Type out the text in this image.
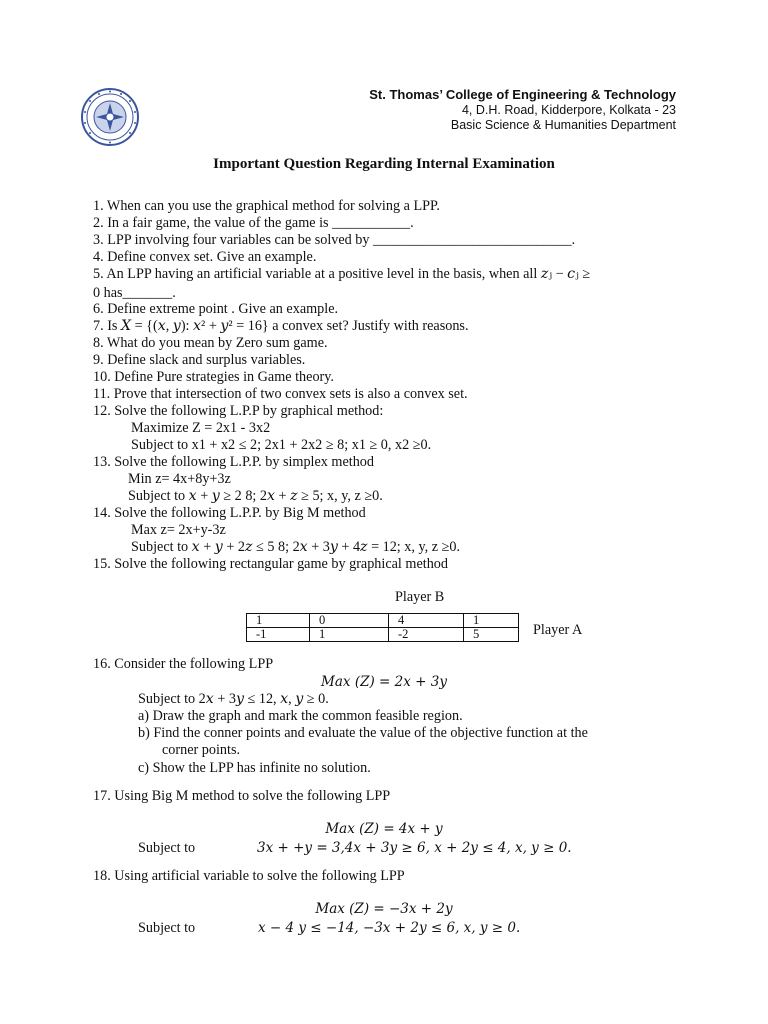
St. Thomas’ College of Engineering & Technology
4, D.H. Road, Kidderpore, Kolkata - 23
Basic Science & Humanities Department
Important Question Regarding Internal Examination
1. When can you use the graphical method for solving a LPP.
2. In a fair game, the value of the game is ___________.
3. LPP involving four variables can be solved by ____________________________.
4. Define convex set. Give an example.
5. An LPP having an artificial variable at a positive level in the basis, when all 𝑧ⱼ − 𝑐ⱼ ≥
0 has_______.
6. Define extreme point . Give an example.
7. Is 𝑋 = {(𝑥, 𝑦): 𝑥² + 𝑦² = 16} a convex set? Justify with reasons.
8. What do you mean by Zero sum game.
9. Define slack and surplus variables.
10. Define Pure strategies in Game theory.
11. Prove that intersection of two convex sets is also a convex set.
12. Solve the following L.P.P by graphical method:
Maximize Z = 2x1 - 3x2
Subject to x1 + x2 ≤ 2; 2x1 + 2x2 ≥ 8; x1 ≥ 0, x2 ≥0.
13. Solve the following L.P.P. by simplex method
Min z= 4x+8y+3z
Subject to 𝑥 + 𝑦 ≥ 2 8; 2𝑥 + 𝑧 ≥ 5; x, y, z ≥0.
14. Solve the following L.P.P. by Big M method
Max z= 2x+y-3z
Subject to 𝑥 + 𝑦 + 2𝑧 ≤ 5 8; 2𝑥 + 3𝑦 + 4𝑧 = 12; x, y, z ≥0.
15. Solve the following rectangular game by graphical method
Player B
1	0	4	1
-1	1	-2	5	Player A
16. Consider the following LPP
𝑀𝑎𝑥 (𝑍) = 2𝑥 + 3𝑦
Subject to 2𝑥 + 3𝑦 ≤ 12, 𝑥, 𝑦 ≥ 0.
a) Draw the graph and mark the common feasible region.
b) Find the conner points and evaluate the value of the objective function at the
corner points.
c) Show the LPP has infinite no solution.
17. Using Big M method to solve the following LPP
𝑀𝑎𝑥 (𝑍) = 4𝑥 + 𝑦
Subject to	3𝑥 + +𝑦 = 3,4𝑥 + 3𝑦 ≥ 6, 𝑥 + 2𝑦 ≤ 4, 𝑥, 𝑦 ≥ 0.
18. Using artificial variable to solve the following LPP
𝑀𝑎𝑥 (𝑍) = −3𝑥 + 2𝑦
Subject to	𝑥 − 4 𝑦 ≤ −14, −3𝑥 + 2𝑦 ≤ 6, 𝑥, 𝑦 ≥ 0.
